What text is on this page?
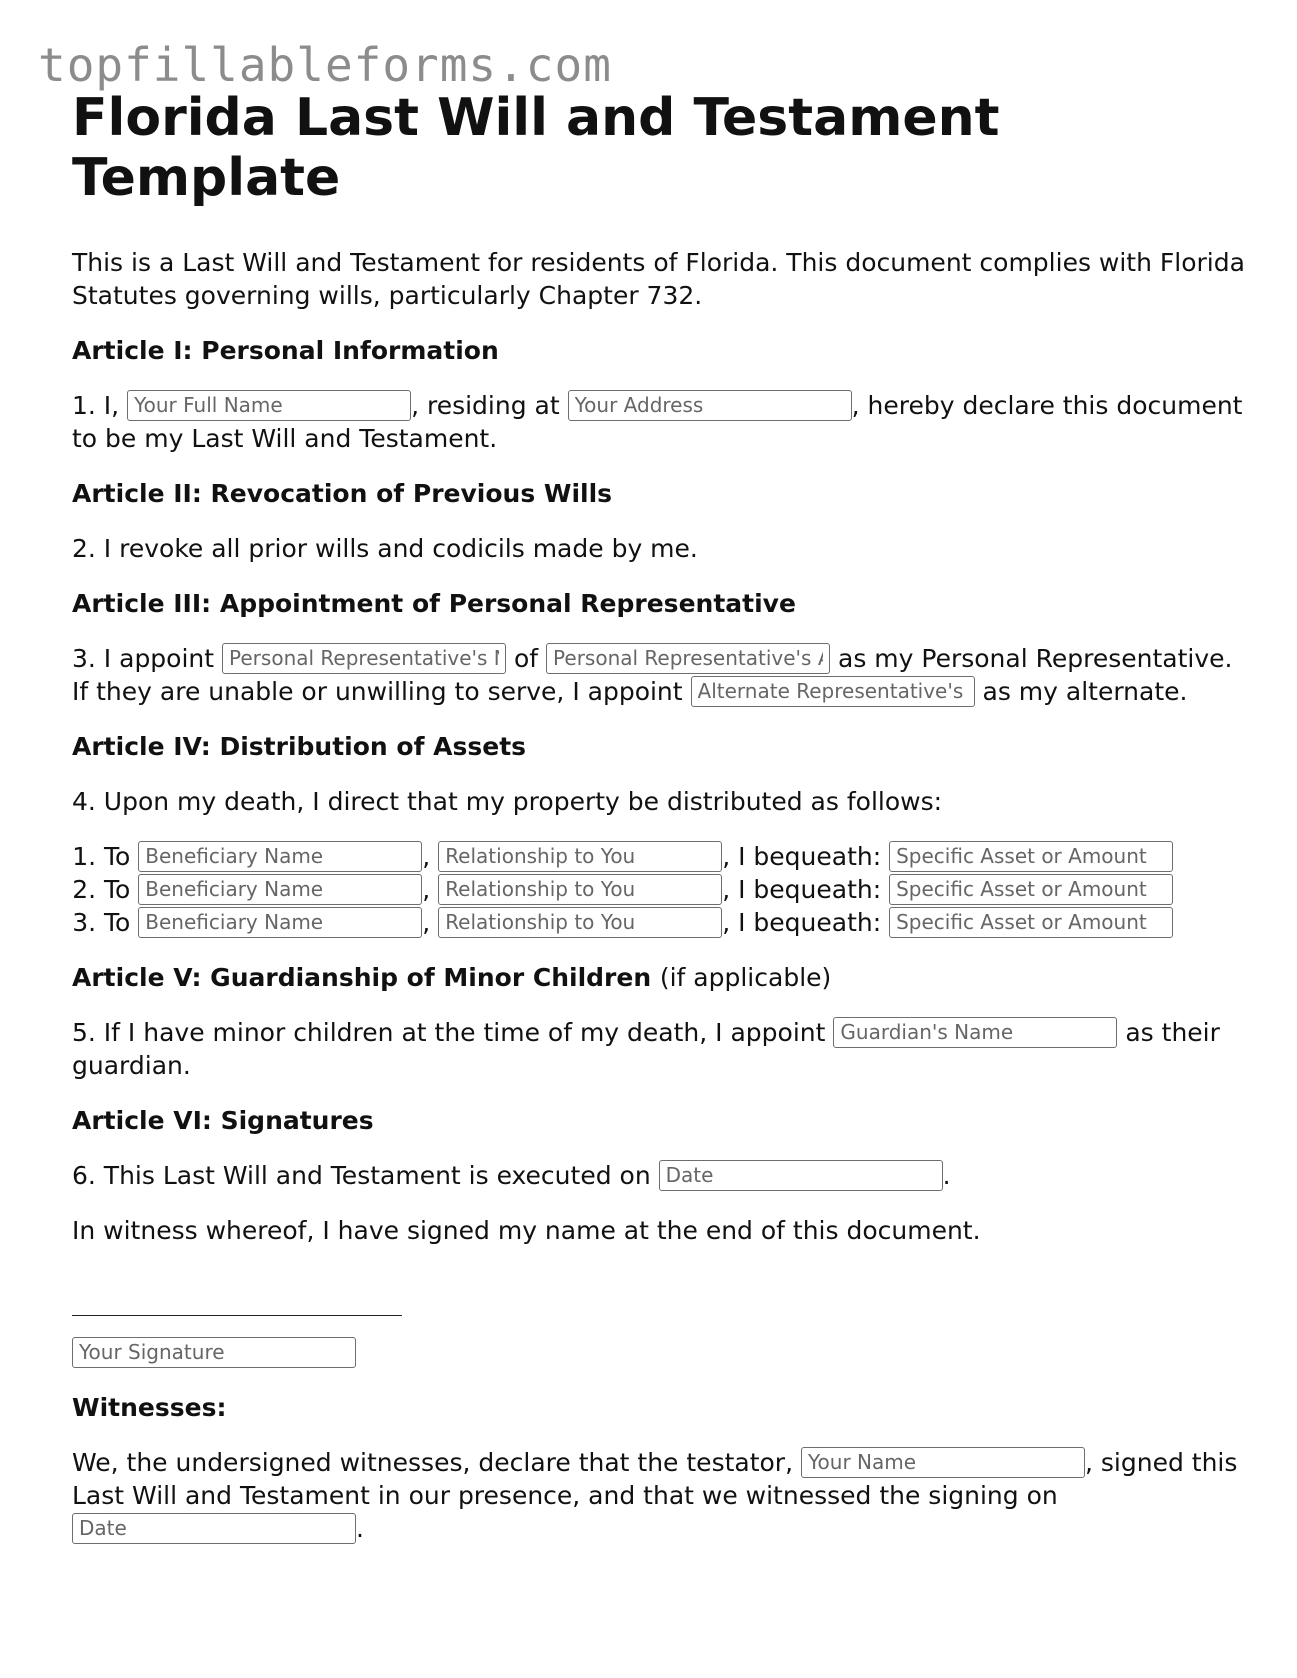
topfillableforms.com
Florida Last Will and Testament Template

This is a Last Will and Testament for residents of Florida. This document complies with Florida Statutes governing wills, particularly Chapter 732.

Article I: Personal Information

1. I, Your Full Name	, residing at Your Address	, hereby declare this document to be my Last Will and Testament.

Article II: Revocation of Previous Wills

2. I revoke all prior wills and codicils made by me.

Article III: Appointment of Personal Representative

3. I appoint Personal Representative's Name	of Personal Representative's Address	as my Personal Representative. If they are unable or unwilling to serve, I appoint Alternate Representative's Name	as my alternate.

Article IV: Distribution of Assets

4. Upon my death, I direct that my property be distributed as follows:

1. To Beneficiary Name	, Relationship to You	, I bequeath: Specific Asset or Amount
2. To Beneficiary Name	, Relationship to You	, I bequeath: Specific Asset or Amount
3. To Beneficiary Name	, Relationship to You	, I bequeath: Specific Asset or Amount

Article V: Guardianship of Minor Children (if applicable)

5. If I have minor children at the time of my death, I appoint Guardian's Name	as their guardian.

Article VI: Signatures

6. This Last Will and Testament is executed on Date	.

In witness whereof, I have signed my name at the end of this document.

Your Signature

Witnesses:

We, the undersigned witnesses, declare that the testator, Your Name	, signed this Last Will and Testament in our presence, and that we witnessed the signing on Date.
